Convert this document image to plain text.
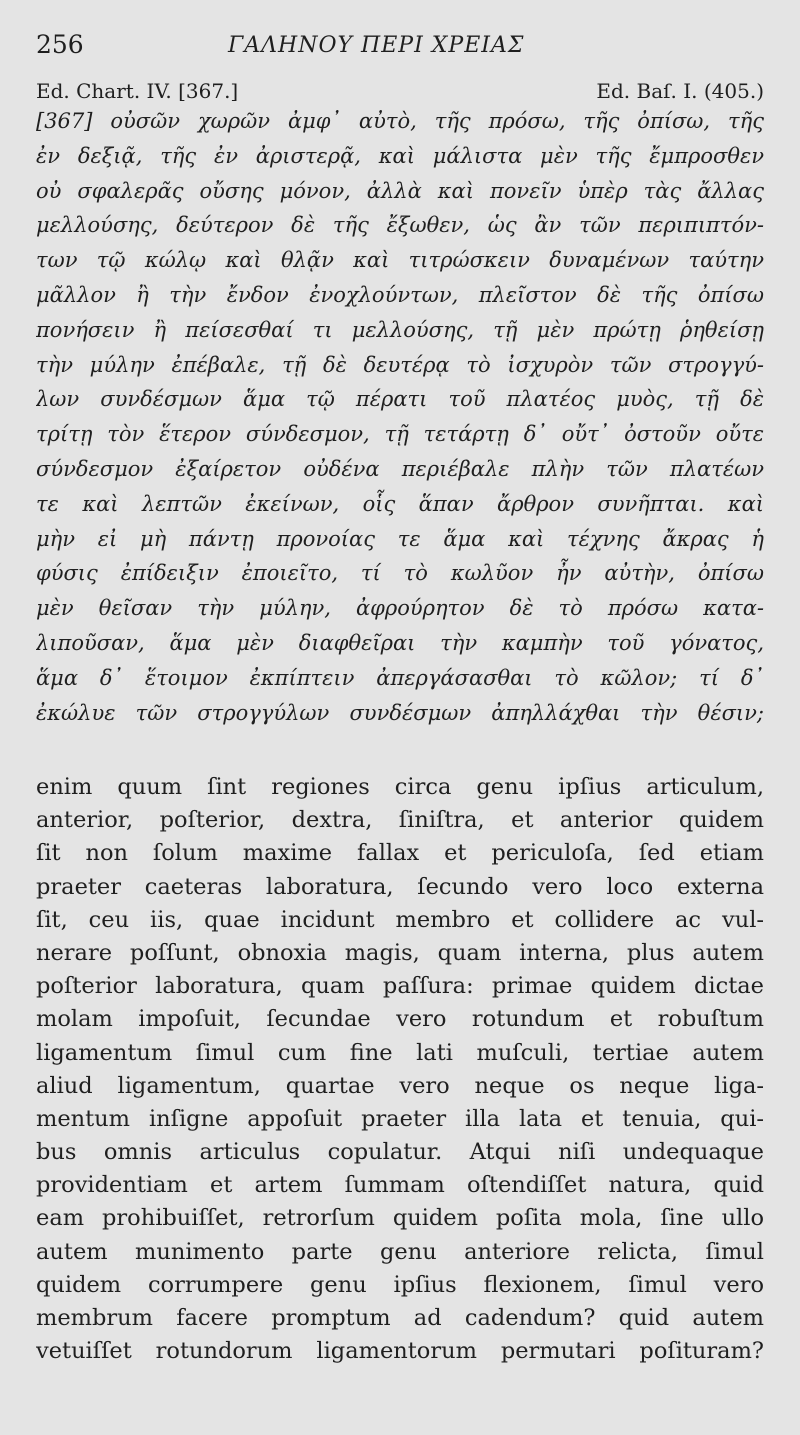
256	ΓΑΛΗΝΟΥ ΠΕΡΙ ΧΡΕΙΑΣ
Ed. Chart. IV. [367.]	Ed. Baſ. I. (405.)
[367] οὐσῶν χωρῶν ἀμφ᾽ αὐτὸ, τῆς πρόσω, τῆς ὀπίσω, τῆς
ἐν δεξιᾷ, τῆς ἐν ἀριστερᾷ, καὶ μάλιστα μὲν τῆς ἔμπροσθεν
οὐ σφαλερᾶς οὔσης μόνον, ἀλλὰ καὶ πονεῖν ὑπὲρ τὰς ἄλλας
μελλούσης, δεύτερον δὲ τῆς ἔξωθεν, ὡς ἂν τῶν περιπιπτόν-
των τῷ κώλῳ καὶ θλᾷν καὶ τιτρώσκειν δυναμένων ταύτην
μᾶλλον ἢ τὴν ἔνδον ἐνοχλούντων, πλεῖστον δὲ τῆς ὀπίσω
πονήσειν ἢ πείσεσθαί τι μελλούσης, τῇ μὲν πρώτῃ ῥηθείσῃ
τὴν μύλην ἐπέβαλε, τῇ δὲ δευτέρᾳ τὸ ἰσχυρὸν τῶν στρογγύ-
λων συνδέσμων ἅμα τῷ πέρατι τοῦ πλατέος μυὸς, τῇ δὲ
τρίτῃ τὸν ἕτερον σύνδεσμον, τῇ τετάρτῃ δ᾽ οὔτ᾽ ὀστοῦν οὔτε
σύνδεσμον ἐξαίρετον οὐδένα περιέβαλε πλὴν τῶν πλατέων
τε καὶ λεπτῶν ἐκείνων, οἷς ἅπαν ἄρθρον συνῆπται. καὶ
μὴν εἰ μὴ πάντῃ προνοίας τε ἅμα καὶ τέχνης ἄκρας ἡ
φύσις ἐπίδειξιν ἐποιεῖτο, τί τὸ κωλῦον ἦν αὐτὴν, ὀπίσω
μὲν θεῖσαν τὴν μύλην, ἀφρούρητον δὲ τὸ πρόσω κατα-
λιποῦσαν, ἅμα μὲν διαφθεῖραι τὴν καμπὴν τοῦ γόνατος,
ἅμα δ᾽ ἕτοιμον ἐκπίπτειν ἀπεργάσασθαι τὸ κῶλον; τί δ᾽
ἐκώλυε τῶν στρογγύλων συνδέσμων ἀπηλλάχθαι τὴν θέσιν;
enim quum ſint regiones circa genu ipſius articulum,
anterior, poſterior, dextra, ſiniſtra, et anterior quidem
ſit non ſolum maxime fallax et periculoſa, ſed etiam
praeter caeteras laboratura, ſecundo vero loco externa
ſit, ceu iis, quae incidunt membro et collidere ac vul-
nerare poſſunt, obnoxia magis, quam interna, plus autem
poſterior laboratura, quam paſſura: primae quidem dictae
molam impoſuit, ſecundae vero rotundum et robuſtum
ligamentum ſimul cum fine lati muſculi, tertiae autem
aliud ligamentum, quartae vero neque os neque liga-
mentum inſigne appoſuit praeter illa lata et tenuia, qui-
bus omnis articulus copulatur. Atqui niſi undequaque
providentiam et artem ſummam oſtendiſſet natura, quid
eam prohibuiſſet, retrorſum quidem poſita mola, ſine ullo
autem munimento parte genu anteriore relicta, ſimul
quidem corrumpere genu ipſius flexionem, ſimul vero
membrum facere promptum ad cadendum? quid autem
vetuiſſet rotundorum ligamentorum permutari poſituram?
